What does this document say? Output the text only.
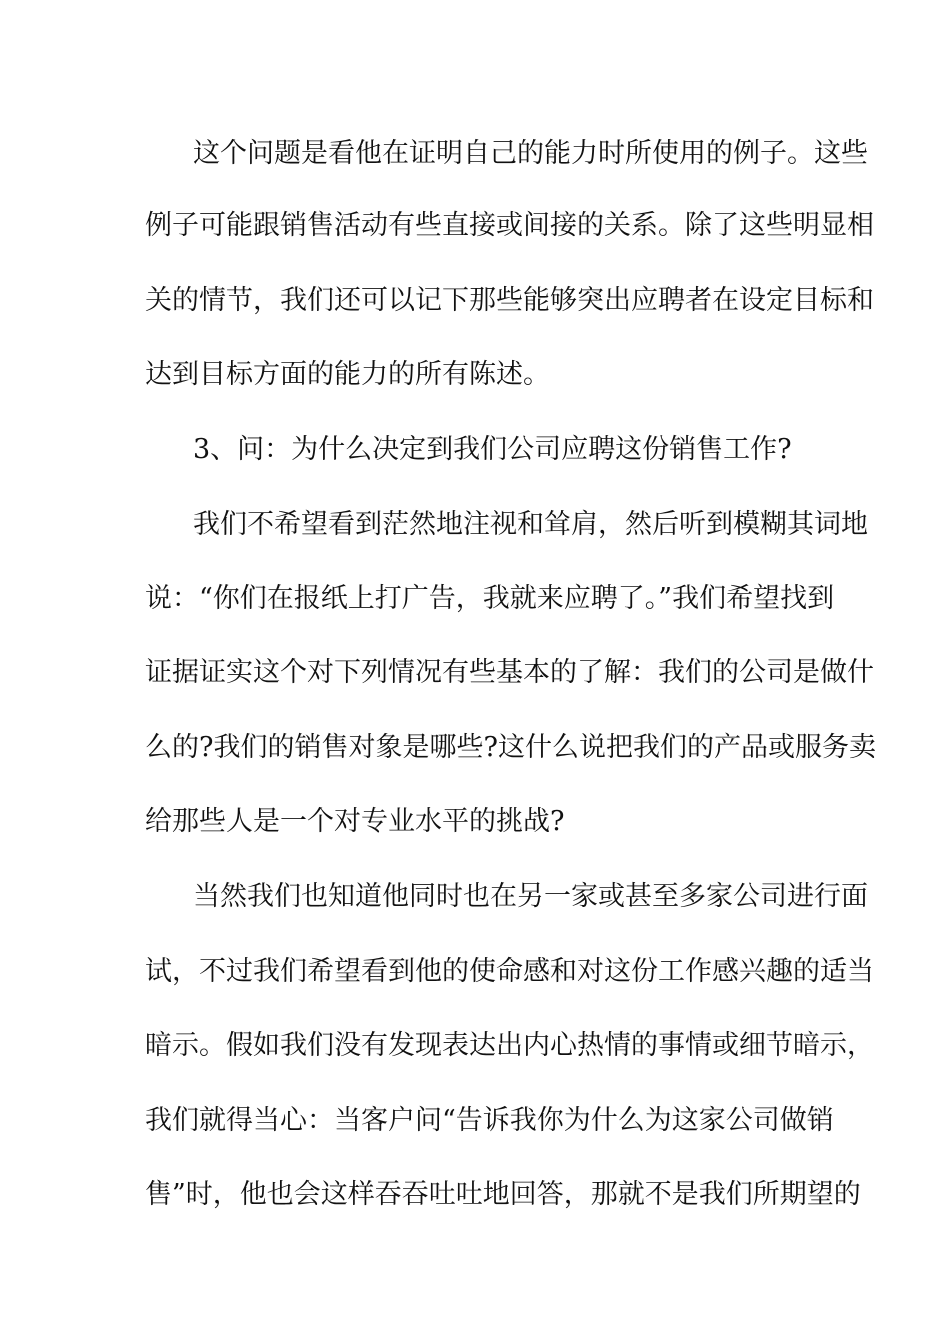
这个问题是看他在证明自己的能力时所使用的例子。这些
例子可能跟销售活动有些直接或间接的关系。除了这些明显相
关的情节，我们还可以记下那些能够突出应聘者在设定目标和
达到目标方面的能力的所有陈述。
3、问：为什么决定到我们公司应聘这份销售工作?
我们不希望看到茫然地注视和耸肩，然后听到模糊其词地
说：“你们在报纸上打广告，我就来应聘了。”我们希望找到
证据证实这个对下列情况有些基本的了解：我们的公司是做什
么的?我们的销售对象是哪些?这什么说把我们的产品或服务卖
给那些人是一个对专业水平的挑战?
当然我们也知道他同时也在另一家或甚至多家公司进行面
试，不过我们希望看到他的使命感和对这份工作感兴趣的适当
暗示。假如我们没有发现表达出内心热情的事情或细节暗示，
我们就得当心：当客户问“告诉我你为什么为这家公司做销
售”时，他也会这样吞吞吐吐地回答，那就不是我们所期望的
